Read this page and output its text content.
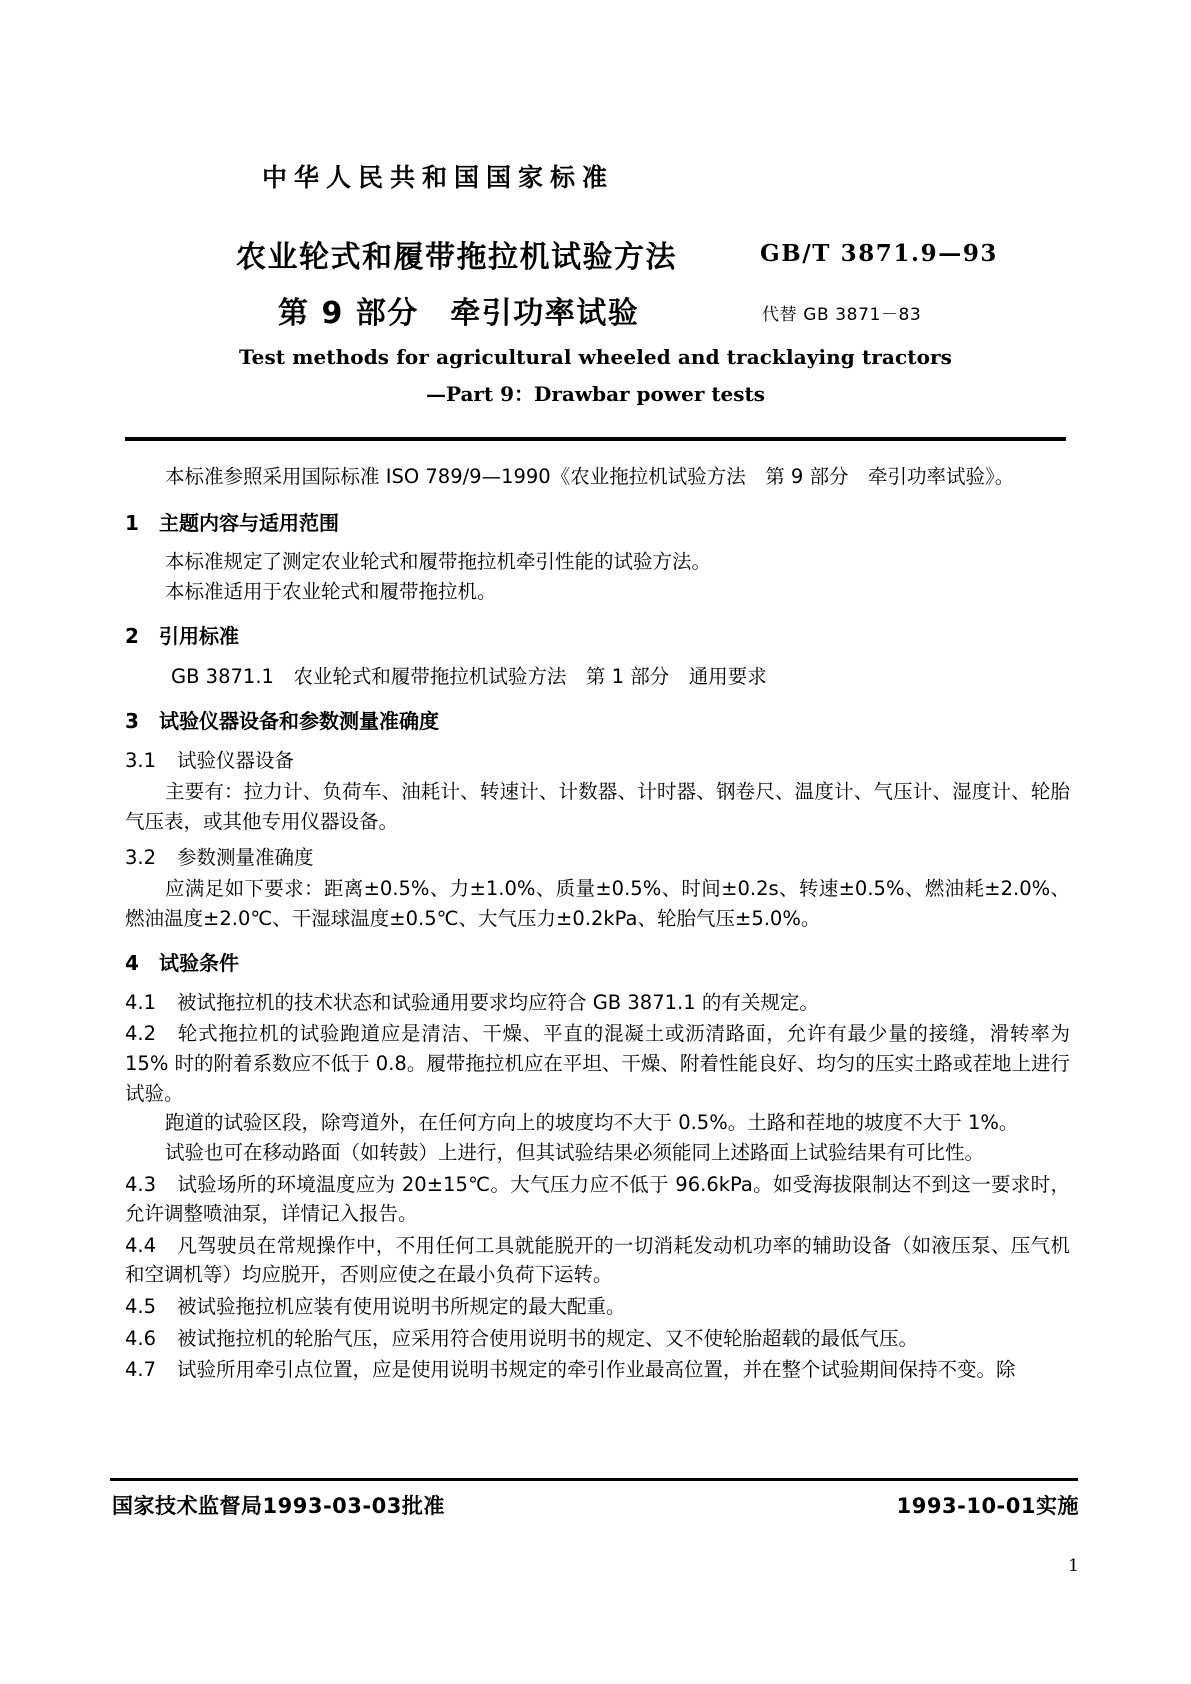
中华人民共和国国家标准
农业轮式和履带拖拉机试验方法
第 9 部分　牵引功率试验
GB/T 3871.9—93
代替 GB 3871－83
Test methods for agricultural wheeled and tracklaying tractors
—Part 9：Drawbar power tests

本标准参照采用国际标准 ISO 789/9—1990《农业拖拉机试验方法　第 9 部分　牵引功率试验》。

1 主题内容与适用范围

本标准规定了测定农业轮式和履带拖拉机牵引性能的试验方法。

本标准适用于农业轮式和履带拖拉机。

2 引用标准

GB 3871.1　农业轮式和履带拖拉机试验方法　第 1 部分　通用要求

3 试验仪器设备和参数测量准确度
3.1 试验仪器设备

主要有：拉力计、负荷车、油耗计、转速计、计数器、计时器、钢卷尺、温度计、气压计、湿度计、轮胎气压表，或其他专用仪器设备。

3.2 参数测量准确度

应满足如下要求：距离±0.5%、力±1.0%、质量±0.5%、时间±0.2s、转速±0.5%、燃油耗±2.0%、燃油温度±2.0℃、干湿球温度±0.5℃、大气压力±0.2kPa、轮胎气压±5.0%。

4 试验条件

4.1 被试拖拉机的技术状态和试验通用要求均应符合 GB 3871.1 的有关规定。

4.2 轮式拖拉机的试验跑道应是清洁、干燥、平直的混凝土或沥清路面，允许有最少量的接缝，滑转率为 15% 时的附着系数应不低于 0.8。履带拖拉机应在平坦、干燥、附着性能良好、均匀的压实土路或茬地上进行试验。

跑道的试验区段，除弯道外，在任何方向上的坡度均不大于 0.5%。土路和茬地的坡度不大于 1%。

试验也可在移动路面（如转鼓）上进行，但其试验结果必须能同上述路面上试验结果有可比性。

4.3 试验场所的环境温度应为 20±15℃。大气压力应不低于 96.6kPa。如受海拔限制达不到这一要求时，允许调整喷油泵，详情记入报告。

4.4 凡驾驶员在常规操作中，不用任何工具就能脱开的一切消耗发动机功率的辅助设备（如液压泵、压气机和空调机等）均应脱开，否则应使之在最小负荷下运转。

4.5 被试验拖拉机应装有使用说明书所规定的最大配重。

4.6 被试拖拉机的轮胎气压，应采用符合使用说明书的规定、又不使轮胎超载的最低气压。

4.7 试验所用牵引点位置，应是使用说明书规定的牵引作业最高位置，并在整个试验期间保持不变。除

国家技术监督局1993-03-03批准	1993-10-01实施
1
